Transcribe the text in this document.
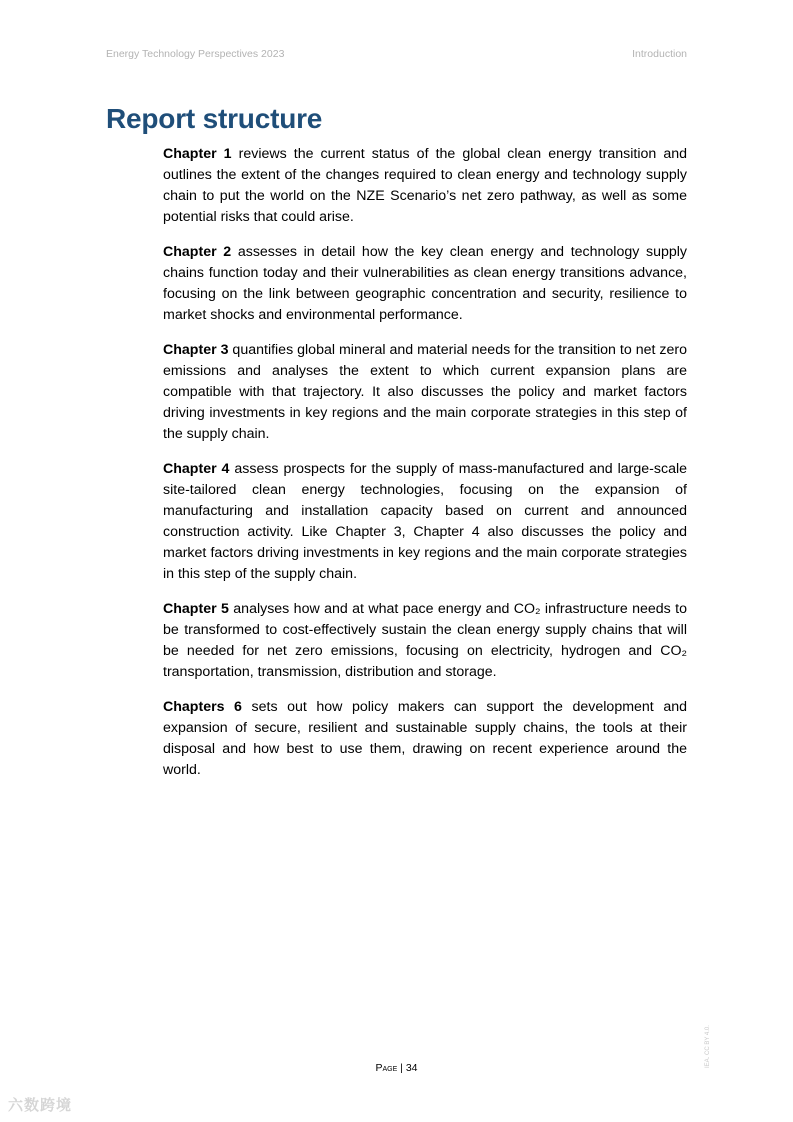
Energy Technology Perspectives 2023	Introduction
Report structure

Chapter 1 reviews the current status of the global clean energy transition and outlines the extent of the changes required to clean energy and technology supply chain to put the world on the NZE Scenario’s net zero pathway, as well as some potential risks that could arise.

Chapter 2 assesses in detail how the key clean energy and technology supply chains function today and their vulnerabilities as clean energy transitions advance, focusing on the link between geographic concentration and security, resilience to market shocks and environmental performance.

Chapter 3 quantifies global mineral and material needs for the transition to net zero emissions and analyses the extent to which current expansion plans are compatible with that trajectory. It also discusses the policy and market factors driving investments in key regions and the main corporate strategies in this step of the supply chain.

Chapter 4 assess prospects for the supply of mass-manufactured and large-scale site-tailored clean energy technologies, focusing on the expansion of manufacturing and installation capacity based on current and announced construction activity. Like Chapter 3, Chapter 4 also discusses the policy and market factors driving investments in key regions and the main corporate strategies in this step of the supply chain.

Chapter 5 analyses how and at what pace energy and CO₂ infrastructure needs to be transformed to cost-effectively sustain the clean energy supply chains that will be needed for net zero emissions, focusing on electricity, hydrogen and CO₂ transportation, transmission, distribution and storage.

Chapters 6 sets out how policy makers can support the development and expansion of secure, resilient and sustainable supply chains, the tools at their disposal and how best to use them, drawing on recent experience around the world.

Page | 34	IEA. CC BY 4.0.
六数跨境
